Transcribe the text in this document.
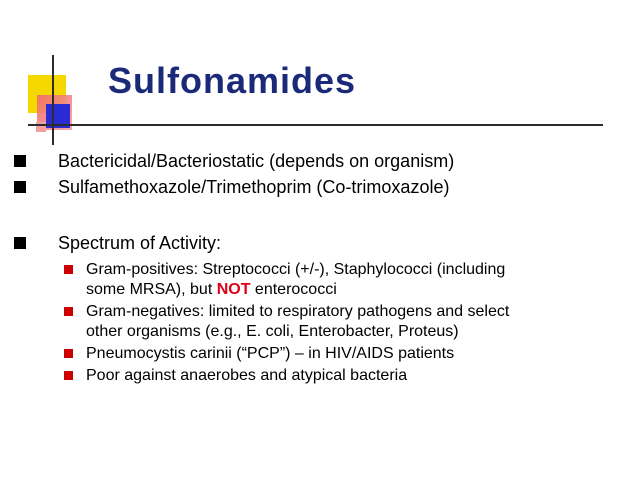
Sulfonamides
Bactericidal/Bacteriostatic (depends on organism)
Sulfamethoxazole/Trimethoprim (Co-trimoxazole)
Spectrum of Activity:
Gram-positives: Streptococci (+/-), Staphylococci (including
some MRSA), but NOT enterococci
Gram-negatives: limited to respiratory pathogens and select
other organisms (e.g., E. coli, Enterobacter, Proteus)
Pneumocystis carinii (“PCP”) – in HIV/AIDS patients
Poor against anaerobes and atypical bacteria
